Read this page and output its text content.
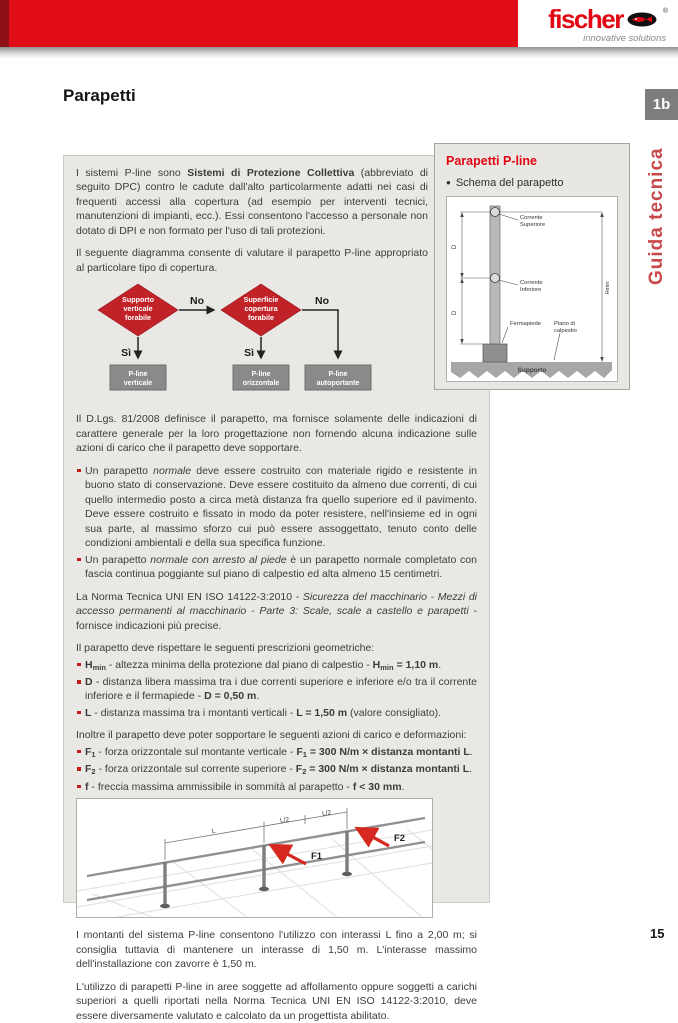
fischer	®
innovative solutions
Parapetti	1b
Guida tecnica
15

I sistemi P-line sono Sistemi di Protezione Collettiva (abbreviato di seguito DPC) contro le cadute dall'alto particolarmente adatti nei casi di frequenti accessi alla copertura (ad esempio per interventi tecnici, manutenzioni di impianti, ecc.). Essi consentono l'accesso a personale non dotato di DPI e non formato per l'uso di tali protezioni.

Il seguente diagramma consente di valutare il parapetto P-line appropriato al particolare tipo di copertura.

Supporto
verticale
forabile
Superficie
copertura
forabile
No	No
Sì	Sì
P-line
verticale
P-line
orizzontale
P-line
autoportante

Il D.Lgs. 81/2008 definisce il parapetto, ma fornisce solamente delle indicazioni di carattere generale per la loro progettazione non fornendo alcuna indicazione sulle azioni di carico che il parapetto deve sopportare.

Un parapetto normale deve essere costruito con materiale rigido e resistente in buono stato di conservazione. Deve essere costituito da almeno due correnti, di cui quello intermedio posto a circa metà distanza fra quello superiore ed il pavimento. Deve essere costruito e fissato in modo da poter resistere, nell'insieme ed in ogni sua parte, al massimo sforzo cui può essere assoggettato, tenuto conto delle condizioni ambientali e della sua specifica funzione.

Un parapetto normale con arresto al piede è un parapetto normale completato con fascia continua poggiante sul piano di calpestio ed alta almeno 15 centimetri.

La Norma Tecnica UNI EN ISO 14122-3:2010 - Sicurezza del macchinario - Mezzi di accesso permanenti al macchinario - Parte 3: Scale, scale a castello e parapetti - fornisce indicazioni più precise.

Il parapetto deve rispettare le seguenti prescrizioni geometriche:

$H_{min}$ - altezza minima della protezione dal piano di calpestio - $H_{min} = 1,10$ m.

D - distanza libera massima tra i due correnti superiore e inferiore e/o tra il corrente inferiore e il fermapiede - D = 0,50 m.

L - distanza massima tra i montanti verticali - L = 1,50 m (valore consigliato).

Inoltre il parapetto deve poter sopportare le seguenti azioni di carico e deformazioni:

$F_1$ - forza orizzontale sul montante verticale - $F_1 = 300$ N/m × distanza montanti L.

$F_2$ - forza orizzontale sul corrente superiore - $F_2 = 300$ N/m × distanza montanti L.

f - freccia massima ammissibile in sommità al parapetto - f < 30 mm.

L
L/2
L/2
F1
F2

I montanti del sistema P-line consentono l'utilizzo con interassi L fino a 2,00 m; si consiglia tuttavia di mantenere un interasse di 1,50 m. L'interasse massimo dell'installazione con zavorre è 1,50 m.

L'utilizzo di parapetti P-line in aree soggette ad affollamento oppure soggetti a carichi superiori a quelli riportati nella Norma Tecnica UNI EN ISO 14122-3:2010, deve essere diversamente valutato e calcolato da un progettista abilitato.

Parapetti P-line
● Schema del parapetto
Supporto
D
D
Hmin
Corrente
Superiore
Corrente
Inferiore
Fermapiede Piano di
calpestio
